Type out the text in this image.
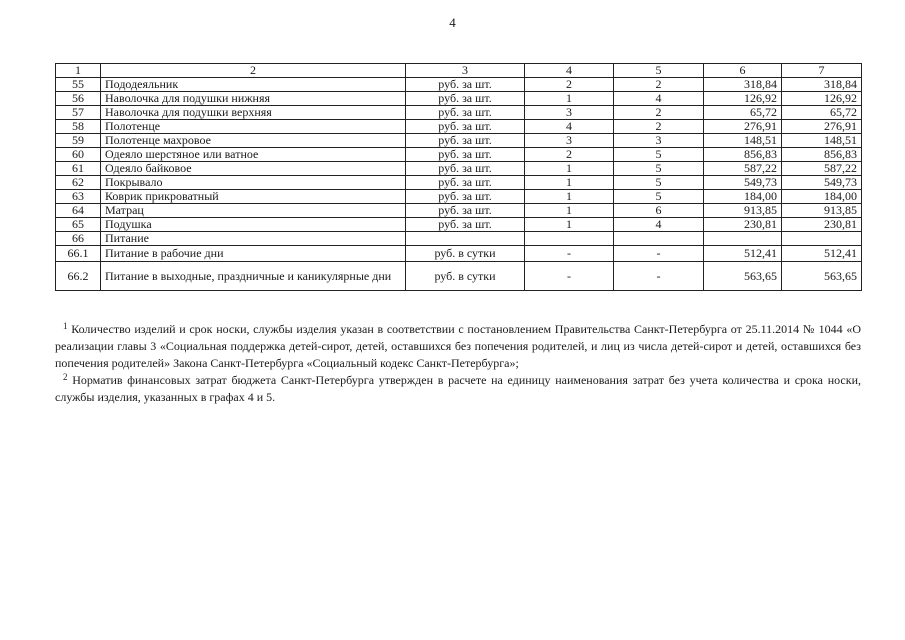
4
1	2	3	4	5	6	7
55	Пододеяльник	руб. за шт.	2	2	318,84	318,84
56	Наволочка для подушки нижняя	руб. за шт.	1	4	126,92	126,92
57	Наволочка для подушки верхняя	руб. за шт.	3	2	65,72	65,72
58	Полотенце	руб. за шт.	4	2	276,91	276,91
59	Полотенце махровое	руб. за шт.	3	3	148,51	148,51
60	Одеяло шерстяное или ватное	руб. за шт.	2	5	856,83	856,83
61	Одеяло байковое	руб. за шт.	1	5	587,22	587,22
62	Покрывало	руб. за шт.	1	5	549,73	549,73
63	Коврик прикроватный	руб. за шт.	1	5	184,00	184,00
64	Матрац	руб. за шт.	1	6	913,85	913,85
65	Подушка	руб. за шт.	1	4	230,81	230,81
66	Питание					
66.1	Питание в рабочие дни	руб. в сутки	-	-	512,41	512,41
66.2	Питание в выходные, праздничные и каникулярные дни	руб. в сутки	-	-	563,65	563,65

$^1$ Количество изделий и срок носки, службы изделия указан в соответствии с постановлением Правительства Санкт-Петербурга от 25.11.2014 № 1044 «О реализации главы 3 «Социальная поддержка детей-сирот, детей, оставшихся без попечения родителей, и лиц из числа детей-сирот и детей, оставшихся без попечения родителей» Закона Санкт-Петербурга «Социальный кодекс Санкт-Петербурга»;

$^2$ Норматив финансовых затрат бюджета Санкт-Петербурга утвержден в расчете на единицу наименования затрат без учета количества и срока носки, службы изделия, указанных в графах 4 и 5.
